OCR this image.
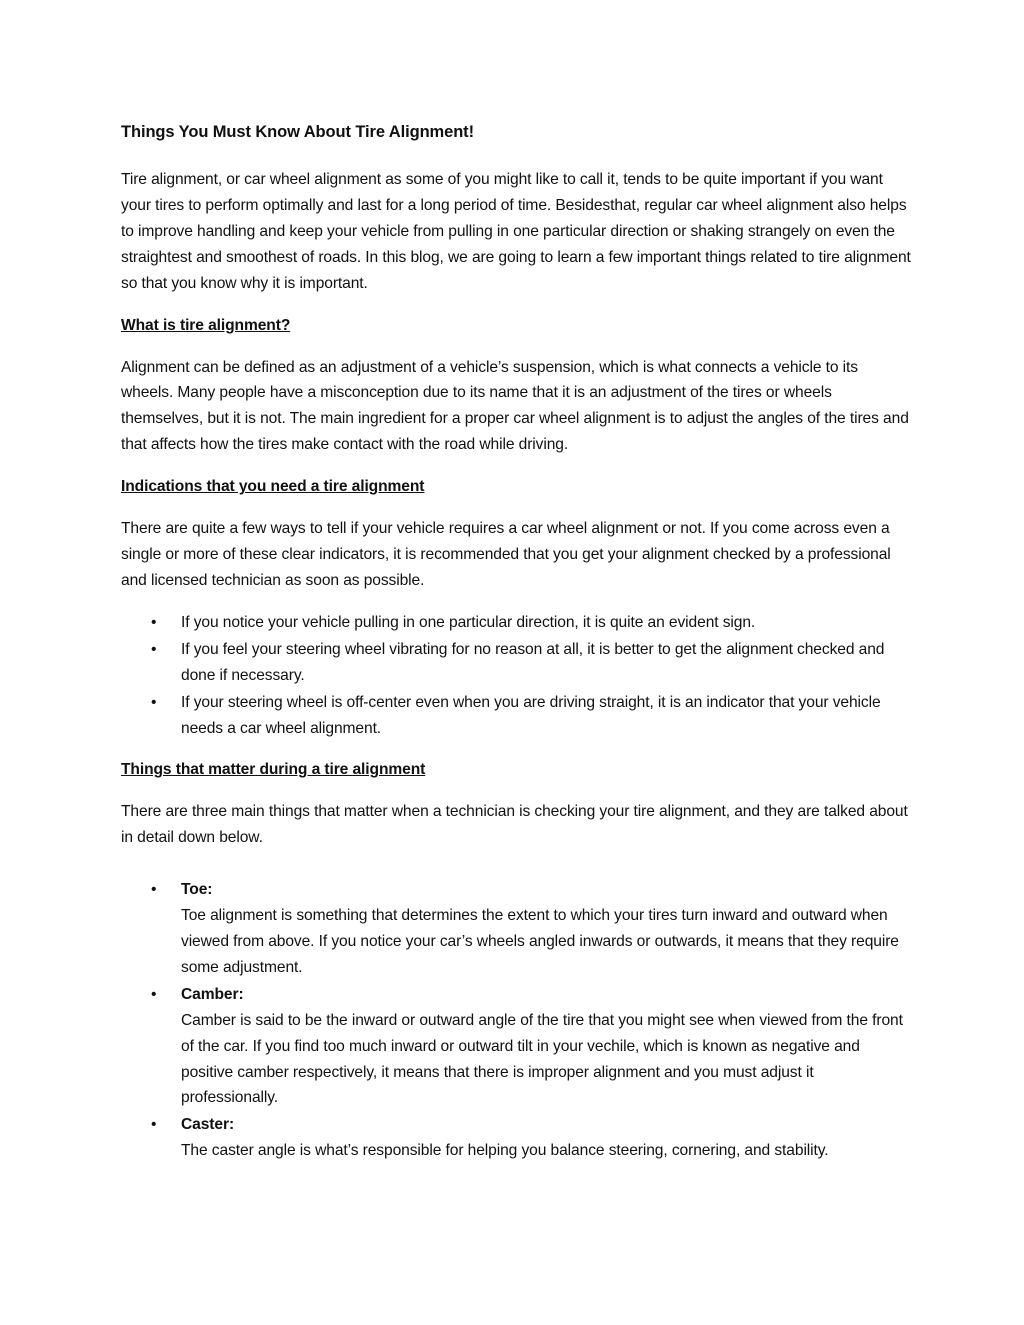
Things You Must Know About Tire Alignment!

Tire alignment, or car wheel alignment as some of you might like to call it, tends to be quite important if you want your tires to perform optimally and last for a long period of time. Besidesthat, regular car wheel alignment also helps to improve handling and keep your vehicle from pulling in one particular direction or shaking strangely on even the straightest and smoothest of roads. In this blog, we are going to learn a few important things related to tire alignment so that you know why it is important.

What is tire alignment?

Alignment can be defined as an adjustment of a vehicle’s suspension, which is what connects a vehicle to its wheels. Many people have a misconception due to its name that it is an adjustment of the tires or wheels themselves, but it is not. The main ingredient for a proper car wheel alignment is to adjust the angles of the tires and that affects how the tires make contact with the road while driving.

Indications that you need a tire alignment

There are quite a few ways to tell if your vehicle requires a car wheel alignment or not. If you come across even a single or more of these clear indicators, it is recommended that you get your alignment checked by a professional and licensed technician as soon as possible.

• If you notice your vehicle pulling in one particular direction, it is quite an evident sign.
• If you feel your steering wheel vibrating for no reason at all, it is better to get the alignment checked and done if necessary.
• If your steering wheel is off-center even when you are driving straight, it is an indicator that your vehicle needs a car wheel alignment.
Things that matter during a tire alignment

There are three main things that matter when a technician is checking your tire alignment, and they are talked about in detail down below.

• Toe:
Toe alignment is something that determines the extent to which your tires turn inward and outward when viewed from above. If you notice your car’s wheels angled inwards or outwards, it means that they require some adjustment.
• Camber:
Camber is said to be the inward or outward angle of the tire that you might see when viewed from the front of the car. If you find too much inward or outward tilt in your vechile, which is known as negative and positive camber respectively, it means that there is improper alignment and you must adjust it professionally.
• Caster:
The caster angle is what’s responsible for helping you balance steering, cornering, and stability.
